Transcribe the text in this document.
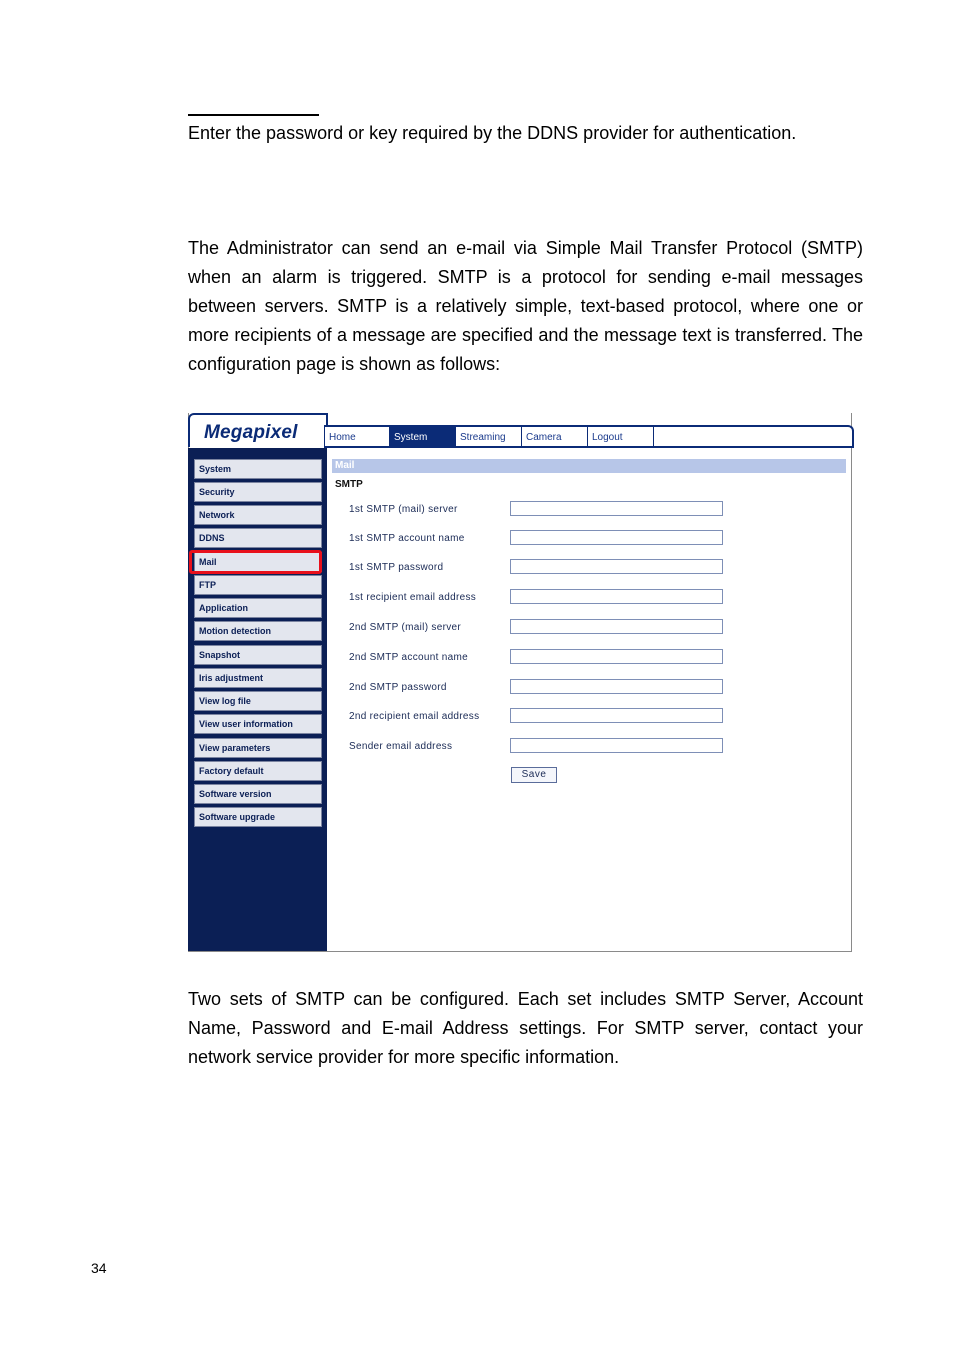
Enter the password or key required by the DDNS provider for authentication.

The Administrator can send an e-mail via Simple Mail Transfer Protocol (SMTP) when an alarm is triggered. SMTP is a protocol for sending e-mail messages between servers. SMTP is a relatively simple, text-based protocol, where one or more recipients of a message are specified and the message text is transferred. The configuration page is shown as follows:

Megapixel	Home	System	Streaming	Camera	Logout
System
Security
Network
DDNS
Mail
FTP
Application
Motion detection
Snapshot
Iris adjustment
View log file
View user information
View parameters
Factory default
Software version
Software upgrade
Mail
SMTP
1st SMTP (mail) server
1st SMTP account name
1st SMTP password
1st recipient email address
2nd SMTP (mail) server
2nd SMTP account name
2nd SMTP password
2nd recipient email address
Sender email address
Save

Two sets of SMTP can be configured. Each set includes SMTP Server, Account Name, Password and E-mail Address settings. For SMTP server, contact your network service provider for more specific information.

34
